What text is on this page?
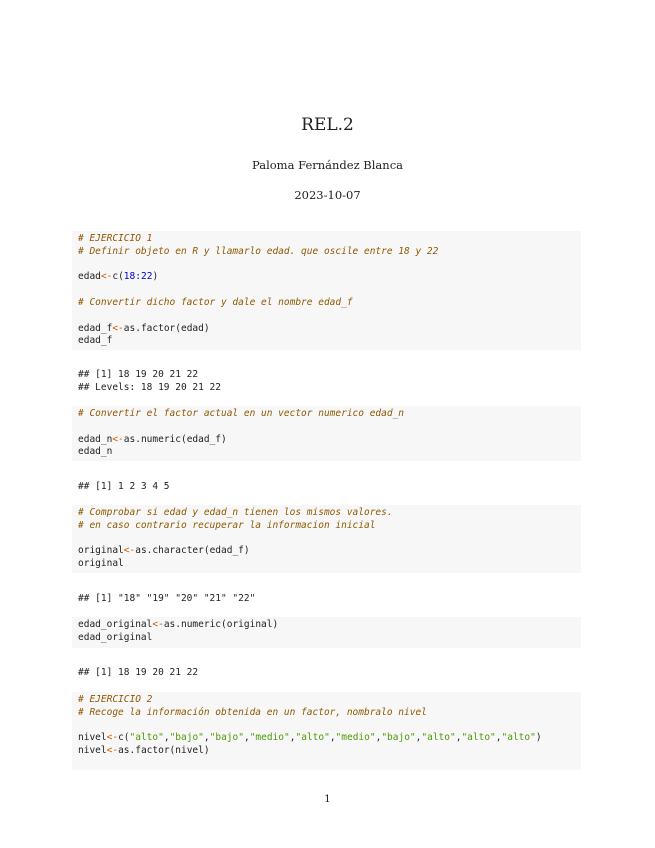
REL.2
Paloma Fernández Blanca
2023-10-07
# EJERCICIO 1
# Definir objeto en R y llamarlo edad. que oscile entre 18 y 22
edad<-c(18:22)
# Convertir dicho factor y dale el nombre edad_f
edad_f<-as.factor(edad)
edad_f
## [1] 18 19 20 21 22
## Levels: 18 19 20 21 22
# Convertir el factor actual en un vector numerico edad_n
edad_n<-as.numeric(edad_f)
edad_n
## [1] 1 2 3 4 5
# Comprobar si edad y edad_n tienen los mismos valores.
# en caso contrario recuperar la informacion inicial
original<-as.character(edad_f)
original
## [1] "18" "19" "20" "21" "22"
edad_original<-as.numeric(original)
edad_original
## [1] 18 19 20 21 22
# EJERCICIO 2
# Recoge la información obtenida en un factor, nombralo nivel
nivel<-c("alto","bajo","bajo","medio","alto","medio","bajo","alto","alto","alto")
nivel<-as.factor(nivel)
1
